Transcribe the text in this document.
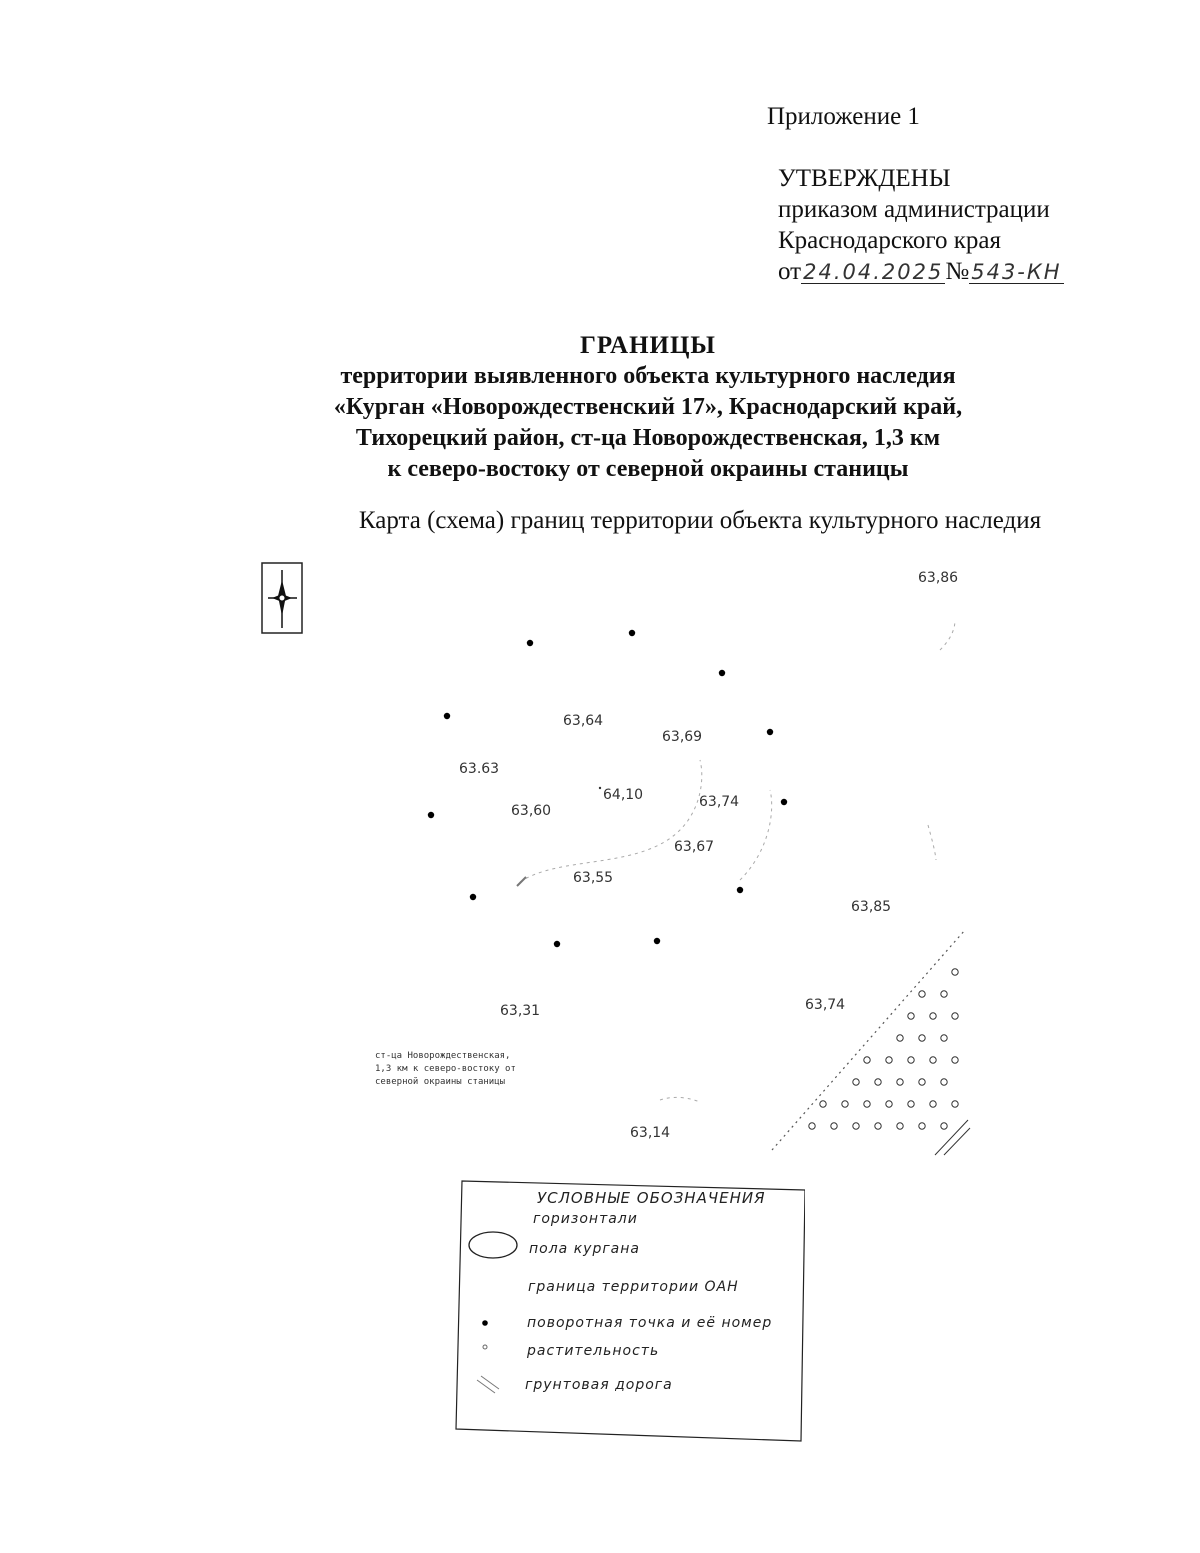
Приложение 1
УТВЕРЖДЕНЫ
приказом администрации
Краснодарского края
от24.04.2025№543-КН
ГРАНИЦЫ
территории выявленного объекта культурного наследия
«Курган «Новорождественский 17», Краснодарский край,
Тихорецкий район, ст-ца Новорождественская, 1,3 км
к северо-востоку от северной окраины станицы
Карта (схема) границ территории объекта культурного наследия
63,86
63,64
63,69
63.63
64,10	63,74
63,60
63,67
63,55
63,85
63,31	63,74
63,14
ст-ца Новорождественская,
1,3 км к северо-востоку от
северной окраины станицы
УСЛОВНЫЕ ОБОЗНАЧЕНИЯ
горизонтали
пола кургана
граница территории ОАН
поворотная точка и её номер
растительность
грунтовая дорога
